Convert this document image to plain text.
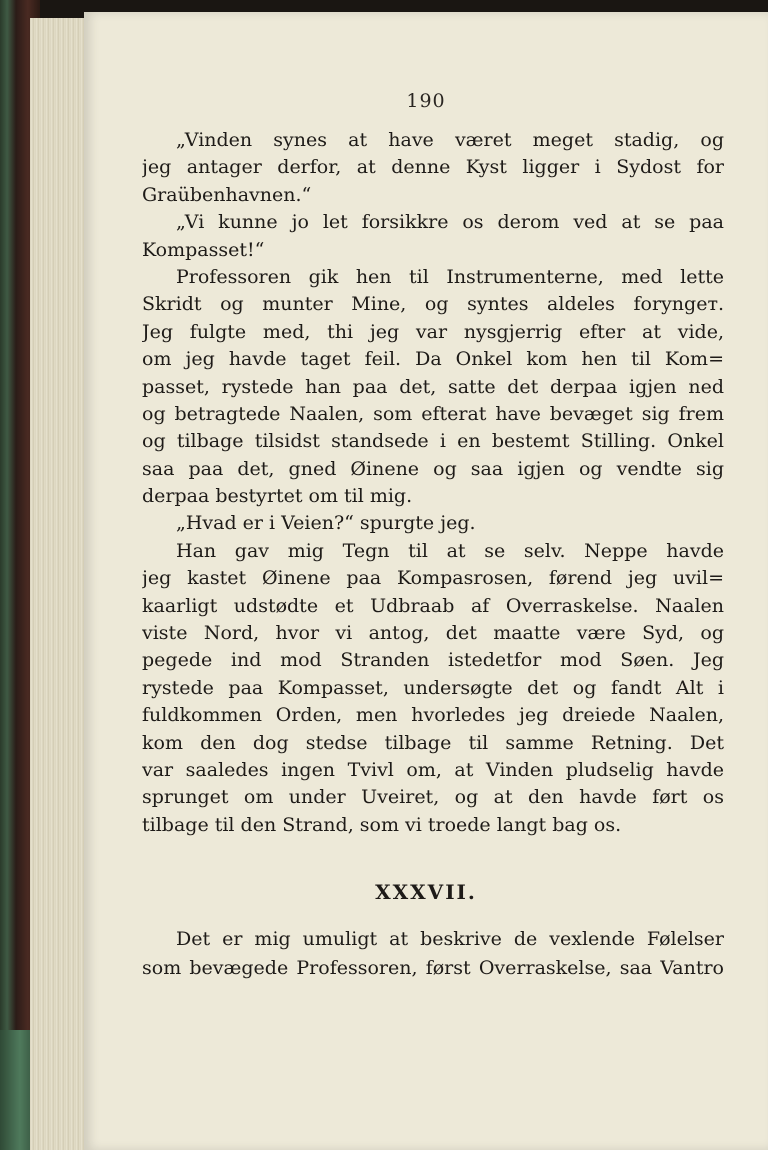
190
„Vinden synes at have været meget stadig, og
jeg antager derfor, at denne Kyst ligger i Sydost for
Graübenhavnen.“
„Vi kunne jo let forsikkre os derom ved at se paa
Kompasset!“
Professoren gik hen til Instrumenterne, med lette
Skridt og munter Mine, og syntes aldeles foryngет.
Jeg fulgte med, thi jeg var nysgjerrig efter at vide,
om jeg havde taget feil. Da Onkel kom hen til Kom=
passet, rystede han paa det, satte det derpaa igjen ned
og betragtede Naalen, som efterat have bevæget sig frem
og tilbage tilsidst standsede i en bestemt Stilling. Onkel
saa paa det, gned Øinene og saa igjen og vendte sig
derpaa bestyrtet om til mig.
„Hvad er i Veien?“ spurgte jeg.
Han gav mig Tegn til at se selv. Neppe havde
jeg kastet Øinene paa Kompasrosen, førend jeg uvil=
kaarligt udstødte et Udbraab af Overraskelse. Naalen
viste Nord, hvor vi antog, det maatte være Syd, og
pegede ind mod Stranden istedetfor mod Søen. Jeg
rystede paa Kompasset, undersøgte det og fandt Alt i
fuldkommen Orden, men hvorledes jeg dreiede Naalen,
kom den dog stedse tilbage til samme Retning. Det
var saaledes ingen Tvivl om, at Vinden pludselig havde
sprunget om under Uveiret, og at den havde ført os
tilbage til den Strand, som vi troede langt bag os.
XXXVII.
Det er mig umuligt at beskrive de vexlende Følelser
som bevægede Professoren, først Overraskelse, saa Vantro
